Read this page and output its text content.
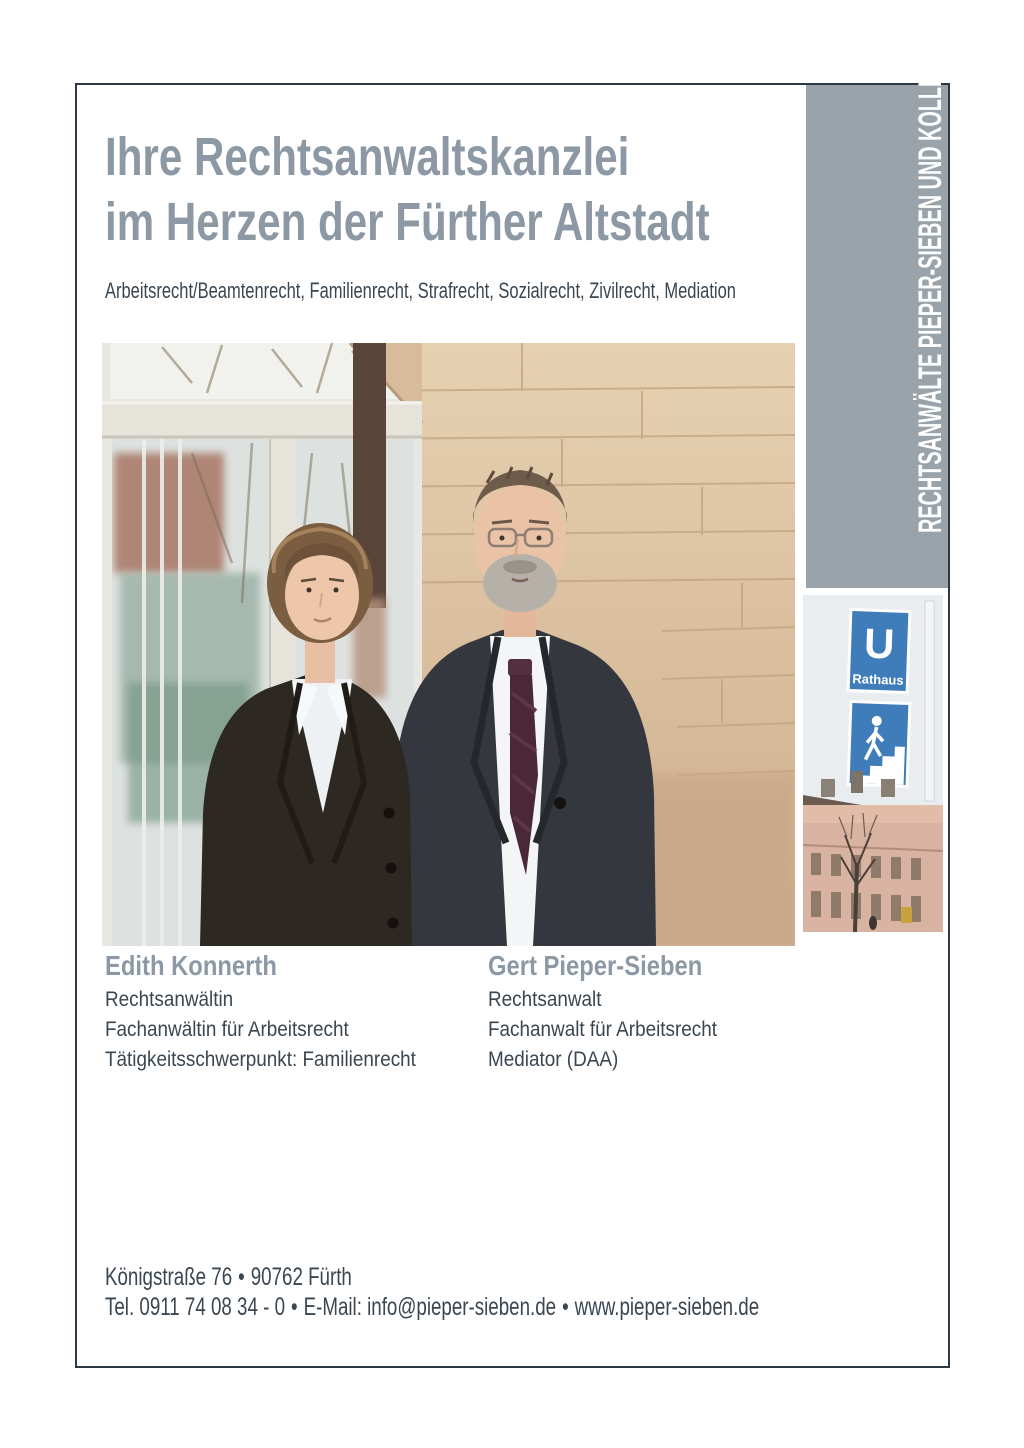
Ihre Rechtsanwaltskanzlei
im Herzen der Fürther Altstadt
Arbeitsrecht/Beamtenrecht, Familienrecht, Strafrecht, Sozialrecht, Zivilrecht, Mediation	RECHTSANWÄLTE PIEPER-SIEBEN UND KOLLEGEN
U
Rathaus
Edith Konnerth
Rechtsanwältin
Fachanwältin für Arbeitsrecht
Tätigkeitsschwerpunkt: Familienrecht
Gert Pieper-Sieben
Rechtsanwalt
Fachanwalt für Arbeitsrecht
Mediator (DAA)
Königstraße 76 • 90762 Fürth
Tel. 0911 74 08 34 - 0 • E-Mail: info@pieper-sieben.de • www.pieper-sieben.de
